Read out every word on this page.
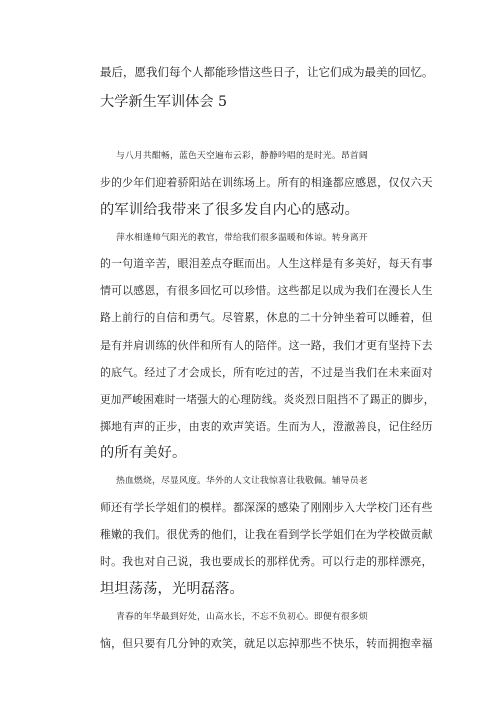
最后，愿我们每个人都能珍惜这些日子，让它们成为最美的回忆。
大学新生军训体会 5
与八月共酣畅，蓝色天空遍布云彩，静静吟唱的是时光。昂首阔
步的少年们迎着骄阳站在训练场上。所有的相逢都应感恩，仅仅六天
的军训给我带来了很多发自内心的感动。
萍水相逢帅气阳光的教官，带给我们很多温暖和体谅。转身离开
的一句道辛苦，眼泪差点夺眶而出。人生这样是有多美好，每天有事
情可以感恩，有很多回忆可以珍惜。这些都足以成为我们在漫长人生
路上前行的自信和勇气。尽管累，休息的二十分钟坐着可以睡着，但
是有并肩训练的伙伴和所有人的陪伴。这一路，我们才更有坚持下去
的底气。经过了才会成长，所有吃过的苦，不过是当我们在未来面对
更加严峻困难时一堵强大的心理防线。炎炎烈日阻挡不了踢正的脚步，
掷地有声的正步，由衷的欢声笑语。生而为人，澄澈善良，记住经历
的所有美好。
热血燃烧，尽显风度。华外的人文让我惊喜让我敬佩。辅导员老
师还有学长学姐们的模样。都深深的感染了刚刚步入大学校门还有些
稚嫩的我们。很优秀的他们，让我在看到学长学姐们在为学校做贡献
时。我也对自己说，我也要成长的那样优秀。可以行走的那样漂亮，
坦坦荡荡，光明磊落。
青春的年华最到好处，山高水长，不忘不负初心。即便有很多烦
恼，但只要有几分钟的欢笑，就足以忘掉那些不快乐，转而拥抱幸福
